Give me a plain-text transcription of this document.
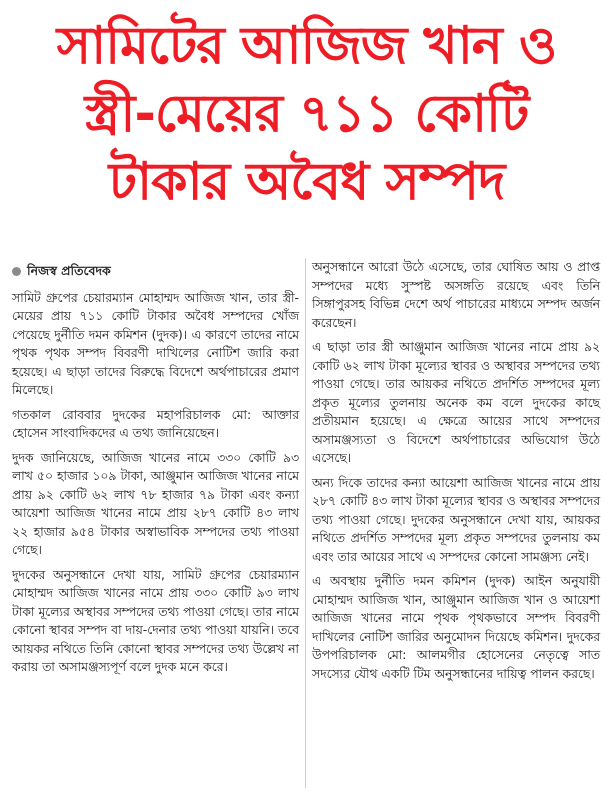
সামিটের আজিজ খান ও
স্ত্রী-মেয়ের ৭১১ কোটি
টাকার অবৈধ সম্পদ
নিজস্ব প্রতিবেদক

সামিট গ্রুপের চেয়ারম্যান মোহাম্মদ আজিজ খান, তার স্ত্রী-মেয়ের প্রায় ৭১১ কোটি টাকার অবৈধ সম্পদের খোঁজ পেয়েছে দুর্নীতি দমন কমিশন (দুদক)। এ কারণে তাদের নামে পৃথক পৃথক সম্পদ বিবরণী দাখিলের নোটিশ জারি করা হয়েছে। এ ছাড়া তাদের বিরুদ্ধে বিদেশে অর্থপাচারের প্রমাণ মিলেছে।

গতকাল রোববার দুদকের মহাপরিচালক মো: আক্তার হোসেন সাংবাদিকদের এ তথ্য জানিয়েছেন।

দুদক জানিয়েছে, আজিজ খানের নামে ৩৩০ কোটি ৯৩ লাখ ৫০ হাজার ১০৯ টাকা, আঞ্জুমান আজিজ খানের নামে প্রায় ৯২ কোটি ৬২ লাখ ৭৮ হাজার ৭৯ টাকা এবং কন্যা আয়েশা আজিজ খানের নামে প্রায় ২৮৭ কোটি ৪৩ লাখ ২২ হাজার ৯৫৪ টাকার অস্বাভাবিক সম্পদের তথ্য পাওয়া গেছে।

দুদকের অনুসন্ধানে দেখা যায়, সামিট গ্রুপের চেয়ারম্যান মোহাম্মদ আজিজ খানের নামে প্রায় ৩৩০ কোটি ৯৩ লাখ টাকা মূল্যের অস্থাবর সম্পদের তথ্য পাওয়া গেছে। তার নামে কোনো স্থাবর সম্পদ বা দায়-দেনার তথ্য পাওয়া যায়নি। তবে আয়কর নথিতে তিনি কোনো স্থাবর সম্পদের তথ্য উল্লেখ না করায় তা অসামঞ্জস্যপূর্ণ বলে দুদক মনে করে।

অনুসন্ধানে আরো উঠে এসেছে, তার ঘোষিত আয় ও প্রাপ্ত সম্পদের মধ্যে সুস্পষ্ট অসঙ্গতি রয়েছে এবং তিনি সিঙ্গাপুরসহ বিভিন্ন দেশে অর্থ পাচারের মাধ্যমে সম্পদ অর্জন করেছেন।

এ ছাড়া তার স্ত্রী আঞ্জুমান আজিজ খানের নামে প্রায় ৯২ কোটি ৬২ লাখ টাকা মূল্যের স্থাবর ও অস্থাবর সম্পদের তথ্য পাওয়া গেছে। তার আয়কর নথিতে প্রদর্শিত সম্পদের মূল্য প্রকৃত মূল্যের তুলনায় অনেক কম বলে দুদকের কাছে প্রতীয়মান হয়েছে। এ ক্ষেত্রে আয়ের সাথে সম্পদের অসামঞ্জস্যতা ও বিদেশে অর্থপাচারের অভিযোগ উঠে এসেছে।

অন্য দিকে তাদের কন্যা আয়েশা আজিজ খানের নামে প্রায় ২৮৭ কোটি ৪৩ লাখ টাকা মূল্যের স্থাবর ও অস্থাবর সম্পদের তথ্য পাওয়া গেছে। দুদকের অনুসন্ধানে দেখা যায়, আয়কর নথিতে প্রদর্শিত সম্পদের মূল্য প্রকৃত সম্পদের তুলনায় কম এবং তার আয়ের সাথে এ সম্পদের কোনো সামঞ্জস্য নেই।

এ অবস্থায় দুর্নীতি দমন কমিশন (দুদক) আইন অনুযায়ী মোহাম্মদ আজিজ খান, আঞ্জুমান আজিজ খান ও আয়েশা আজিজ খানের নামে পৃথক পৃথকভাবে সম্পদ বিবরণী দাখিলের নোটিশ জারির অনুমোদন দিয়েছে কমিশন। দুদকের উপপরিচালক মো: আলমগীর হোসেনের নেতৃত্বে সাত সদস্যের যৌথ একটি টিম অনুসন্ধানের দায়িত্ব পালন করছে।
